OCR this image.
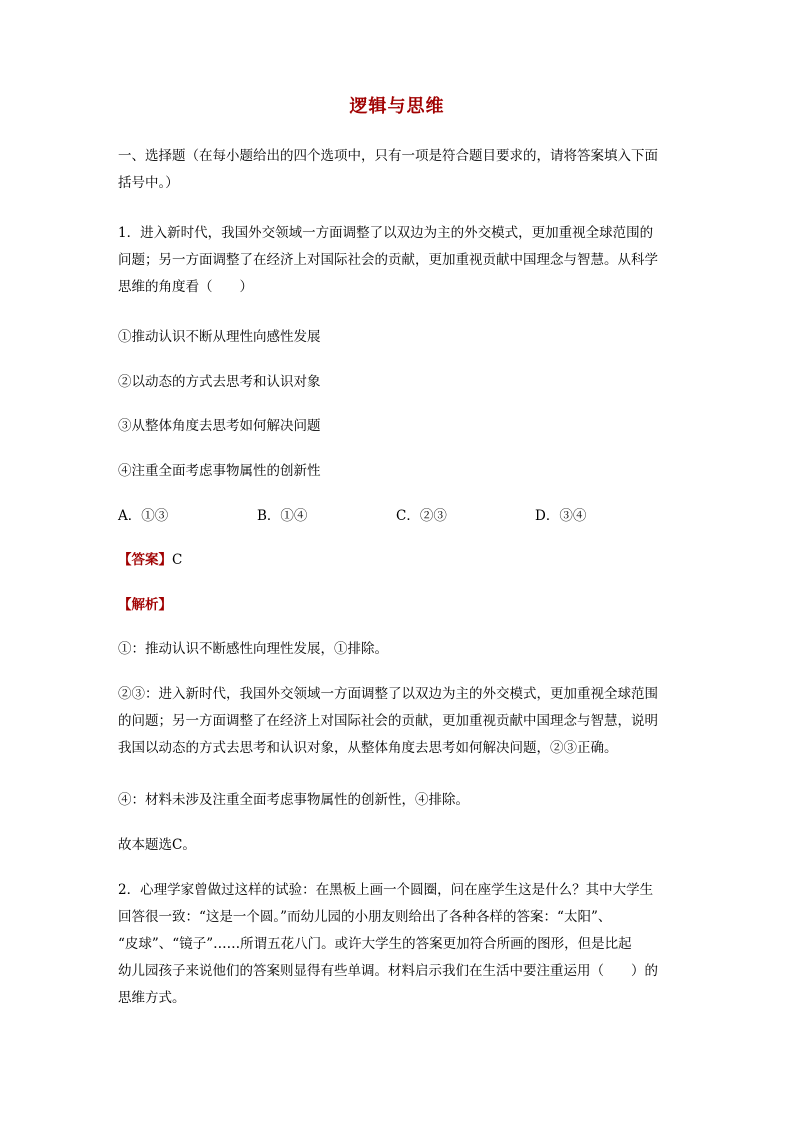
逻辑与思维
一、选择题（在每小题给出的四个选项中，只有一项是符合题目要求的，请将答案填入下面
括号中。）
1．进入新时代，我国外交领域一方面调整了以双边为主的外交模式，更加重视全球范围的
问题；另一方面调整了在经济上对国际社会的贡献，更加重视贡献中国理念与智慧。从科学
思维的角度看（　　）
①推动认识不断从理性向感性发展
②以动态的方式去思考和认识对象
③从整体角度去思考如何解决问题
④注重全面考虑事物属性的创新性
A．①③	B．①④	C．②③	D．③④
【答案】C
【解析】
①：推动认识不断感性向理性发展，①排除。
②③：进入新时代，我国外交领域一方面调整了以双边为主的外交模式，更加重视全球范围
的问题；另一方面调整了在经济上对国际社会的贡献，更加重视贡献中国理念与智慧，说明
我国以动态的方式去思考和认识对象，从整体角度去思考如何解决问题，②③正确。
④：材料未涉及注重全面考虑事物属性的创新性，④排除。
故本题选C。
2．心理学家曾做过这样的试验：在黑板上画一个圆圈，问在座学生这是什么？其中大学生
回答很一致：“这是一个圆。”而幼儿园的小朋友则给出了各种各样的答案：“太阳”、
“皮球”、“镜子”……所谓五花八门。或许大学生的答案更加符合所画的图形，但是比起
幼儿园孩子来说他们的答案则显得有些单调。材料启示我们在生活中要注重运用（　　）的
思维方式。
